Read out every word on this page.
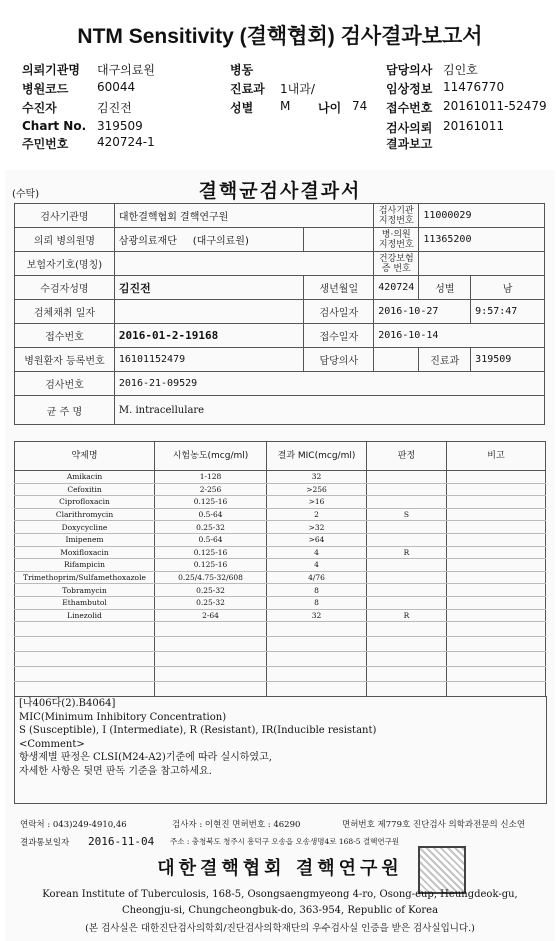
NTM Sensitivity (결핵협회) 검사결과보고서
의뢰기관명 대구의료원	병동	담당의사 김인호
병원코드 60044	진료과 1내과/	임상정보 11476770
수진자	김진전	성별 M 나이 74 접수번호 20161011-52479
Chart No. 319509	검사의뢰 20161011
주민번호 420724-1	결과보고
(수탁)	결핵균검사결과서
검사기관명	대한결핵협회 결핵연구원		검사기관 지정번호	11000029	
의뢰 병의원명	삼광의료재단 (대구의료원)		병·의원 지정번호	11365200	
보험자기호(명칭)			건강보험증 번호		
수검자성명	김진전	생년월일	420724	성별	남
검체채취 일자		검사일자	2016-10-27		9:57:47
접수번호	2016-01-2-19168	접수일자	2016-10-14		
병원환자 등록번호	16101152479	담당의사		진료과	319509
검사번호	2016-21-09529				
균 주 명	M. intracellulare				
약제명	시험농도(mcg/ml)	결과 MIC(mcg/ml)	판정	비고
Amikacin	1-128	32		
Cefoxitin	2-256	>256		
Ciprofloxacin	0.125-16	>16		
Clarithromycin	0.5-64	2	S	
Doxycycline	0.25-32	>32		
Imipenem	0.5-64	>64		
Moxifloxacin	0.125-16	4	R	
Rifampicin	0.125-16	4		
Trimethoprim/Sulfamethoxazole	0.25/4.75-32/608	4/76		
Tobramycin	0.25-32	8		
Ethambutol	0.25-32	8		
Linezolid	2-64	32	R	

[나406다(2).B4064]
MIC(Minimum Inhibitory Concentration)
S (Susceptible), I (Intermediate), R (Resistant), IR(Inducible resistant)
<Comment>
항생제별 판정은 CLSI(M24-A2)기준에 따라 실시하였고,
자세한 사항은 뒷면 판독 기준을 참고하세요.
연락처 : 043)249-4910,46	검사자 : 이현진 면허번호 : 46290	면허번호 제779호 진단검사 의학과전문의 신소연
결과통보일자 2016-11-04 주소 : 충청북도 청주시 흥덕구 오송읍 오송생명4로 168-5 결핵연구원
대한결핵협회 결핵연구원
Korean Institute of Tuberculosis, 168-5, Osongsaengmyeong 4-ro, Osong-eup, Heungdeok-gu,
Cheongju-si, Chungcheongbuk-do, 363-954, Republic of Korea
(본 검사실은 대한진단검사의학회/진단검사의학재단의 우수검사실 인증을 받은 검사실입니다.)
